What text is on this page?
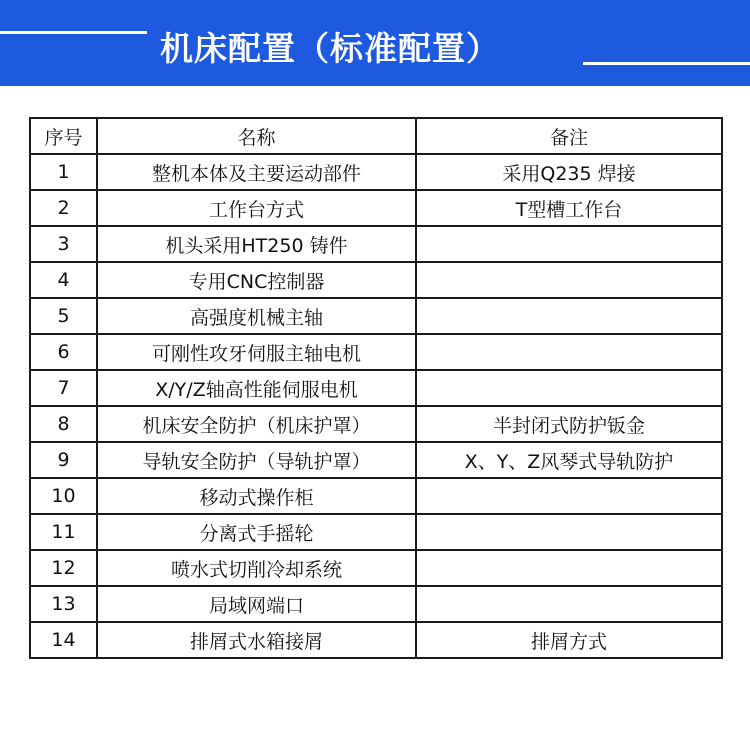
机床配置（标准配置）
序号	名称	备注
1	整机本体及主要运动部件	采用Q235 焊接
2	工作台方式	T型槽工作台
3	机头采用HT250 铸件	
4	专用CNC控制器	
5	高强度机械主轴	
6	可刚性攻牙伺服主轴电机	
7	X/Y/Z轴高性能伺服电机	
8	机床安全防护（机床护罩）	半封闭式防护钣金
9	导轨安全防护（导轨护罩）	X、Y、Z风琴式导轨防护
10	移动式操作柜	
11	分离式手摇轮	
12	喷水式切削冷却系统	
13	局域网端口	
14	排屑式水箱接屑	排屑方式
